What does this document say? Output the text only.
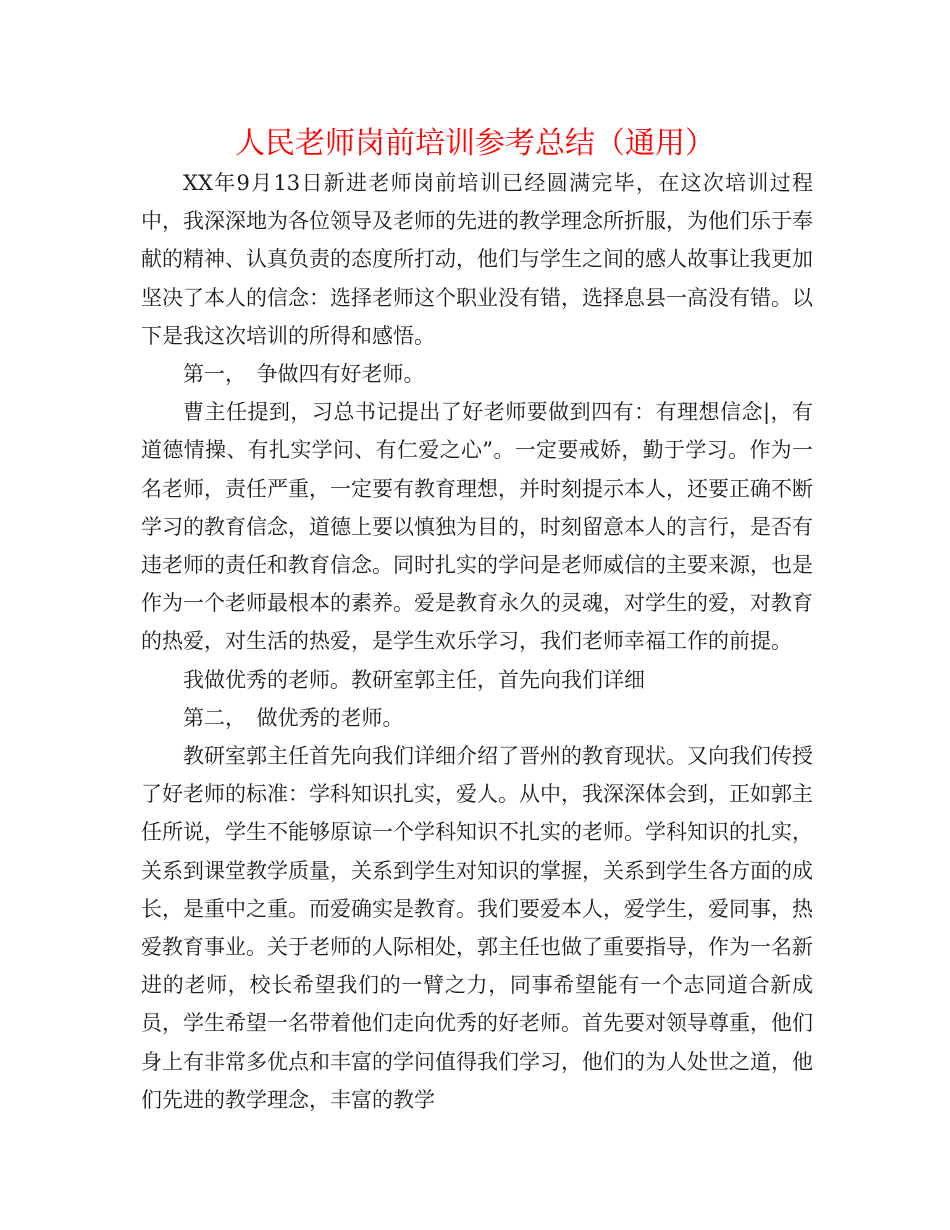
人民老师岗前培训参考总结（通用）

XX年9月13日新进老师岗前培训已经圆满完毕，在这次培训过程中，我深深地为各位领导及老师的先进的教学理念所折服，为他们乐于奉献的精神、认真负责的态度所打动，他们与学生之间的感人故事让我更加坚决了本人的信念：选择老师这个职业没有错，选择息县一高没有错。以下是我这次培训的所得和感悟。

第一，　争做四有好老师。

曹主任提到，习总书记提出了好老师要做到四有：有理想信念|，有道德情操、有扎实学问、有仁爱之心”。一定要戒娇，勤于学习。作为一名老师，责任严重，一定要有教育理想，并时刻提示本人，还要正确不断学习的教育信念，道德上要以慎独为目的，时刻留意本人的言行，是否有违老师的责任和教育信念。同时扎实的学问是老师威信的主要来源，也是作为一个老师最根本的素养。爱是教育永久的灵魂，对学生的爱，对教育的热爱，对生活的热爱，是学生欢乐学习，我们老师幸福工作的前提。

我做优秀的老师。教研室郭主任，首先向我们详细

第二，　做优秀的老师。

教研室郭主任首先向我们详细介绍了晋州的教育现状。又向我们传授了好老师的标准：学科知识扎实，爱人。从中，我深深体会到，正如郭主任所说，学生不能够原谅一个学科知识不扎实的老师。学科知识的扎实，关系到课堂教学质量，关系到学生对知识的掌握，关系到学生各方面的成长，是重中之重。而爱确实是教育。我们要爱本人，爱学生，爱同事，热爱教育事业。关于老师的人际相处，郭主任也做了重要指导，作为一名新进的老师，校长希望我们的一臂之力，同事希望能有一个志同道合新成员，学生希望一名带着他们走向优秀的好老师。首先要对领导尊重，他们身上有非常多优点和丰富的学问值得我们学习，他们的为人处世之道，他们先进的教学理念，丰富的教学
